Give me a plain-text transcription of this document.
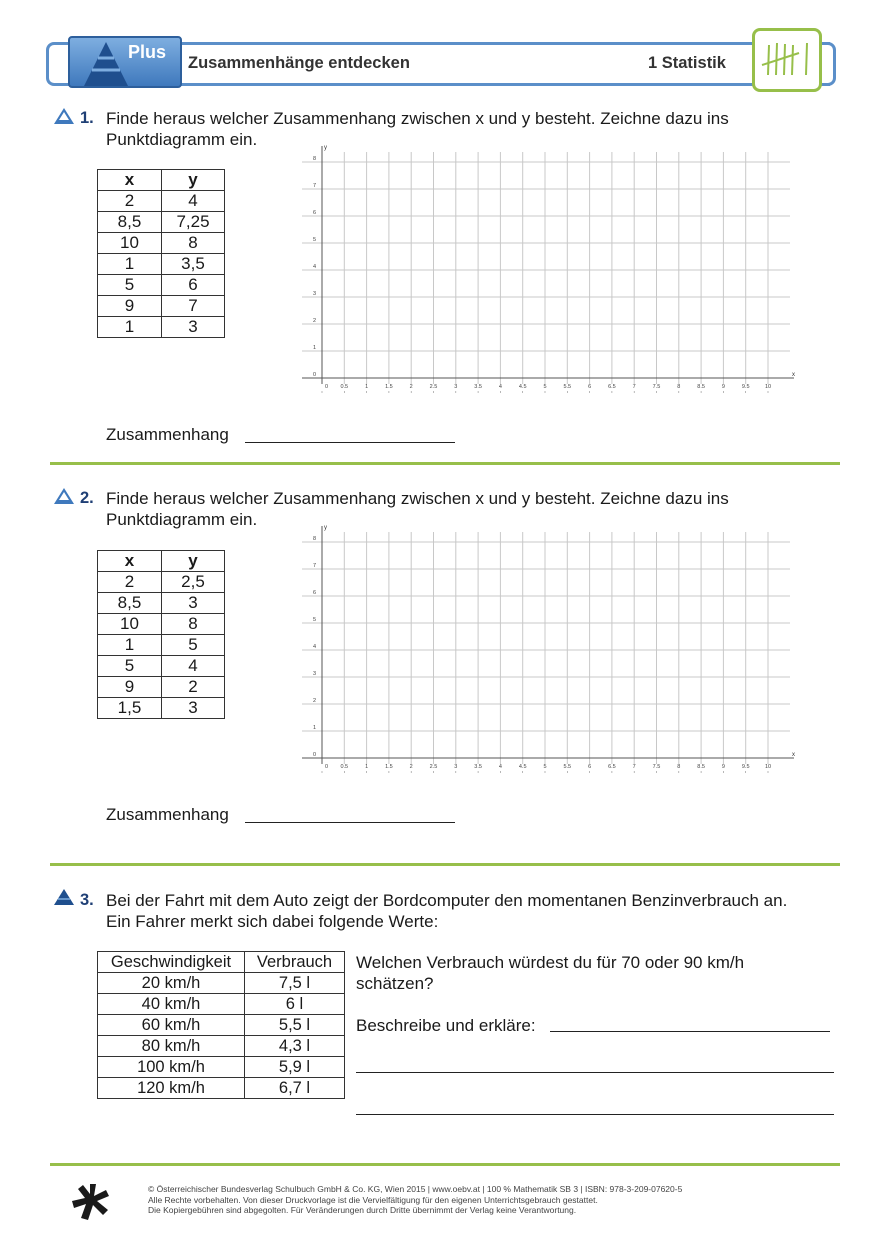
Plus
Zusammenhänge entdecken	1 Statistik
1. Finde heraus welcher Zusammenhang zwischen x und y besteht. Zeichne dazu ins
Punktdiagramm ein.
x	y
2	4
8,5	7,25
10	8
1	3,5
5	6
9	7
1	3
0 0.5	1	1.5	2	2.5	3	3.5	4	4.5	5	5.5	6	6.5	7	7.5	8	8.5	9	9.5	10
0
1
2
3
4
5
6
7
8
x
y
Zusammenhang
2. Finde heraus welcher Zusammenhang zwischen x und y besteht. Zeichne dazu ins
Punktdiagramm ein.
x	y
2	2,5
8,5	3
10	8
1	5
5	4
9	2
1,5	3
0 0.5	1	1.5	2	2.5	3	3.5	4	4.5	5	5.5	6	6.5	7	7.5	8	8.5	9	9.5	10
0
1
2
3
4
5
6
7
8
x
y
Zusammenhang
3. Bei der Fahrt mit dem Auto zeigt der Bordcomputer den momentanen Benzinverbrauch an.
Ein Fahrer merkt sich dabei folgende Werte:
Geschwindigkeit	Verbrauch
20 km/h	7,5 l
40 km/h	6 l
60 km/h	5,5 l
80 km/h	4,3 l
100 km/h	5,9 l
120 km/h	6,7 l
Welchen Verbrauch würdest du für 70 oder 90 km/h
schätzen?
Beschreibe und erkläre:
© Österreichischer Bundesverlag Schulbuch GmbH & Co. KG, Wien 2015 | www.oebv.at | 100 % Mathematik SB 3 | ISBN: 978-3-209-07620-5
Alle Rechte vorbehalten. Von dieser Druckvorlage ist die Vervielfältigung für den eigenen Unterrichtsgebrauch gestattet.
Die Kopiergebühren sind abgegolten. Für Veränderungen durch Dritte übernimmt der Verlag keine Verantwortung.
